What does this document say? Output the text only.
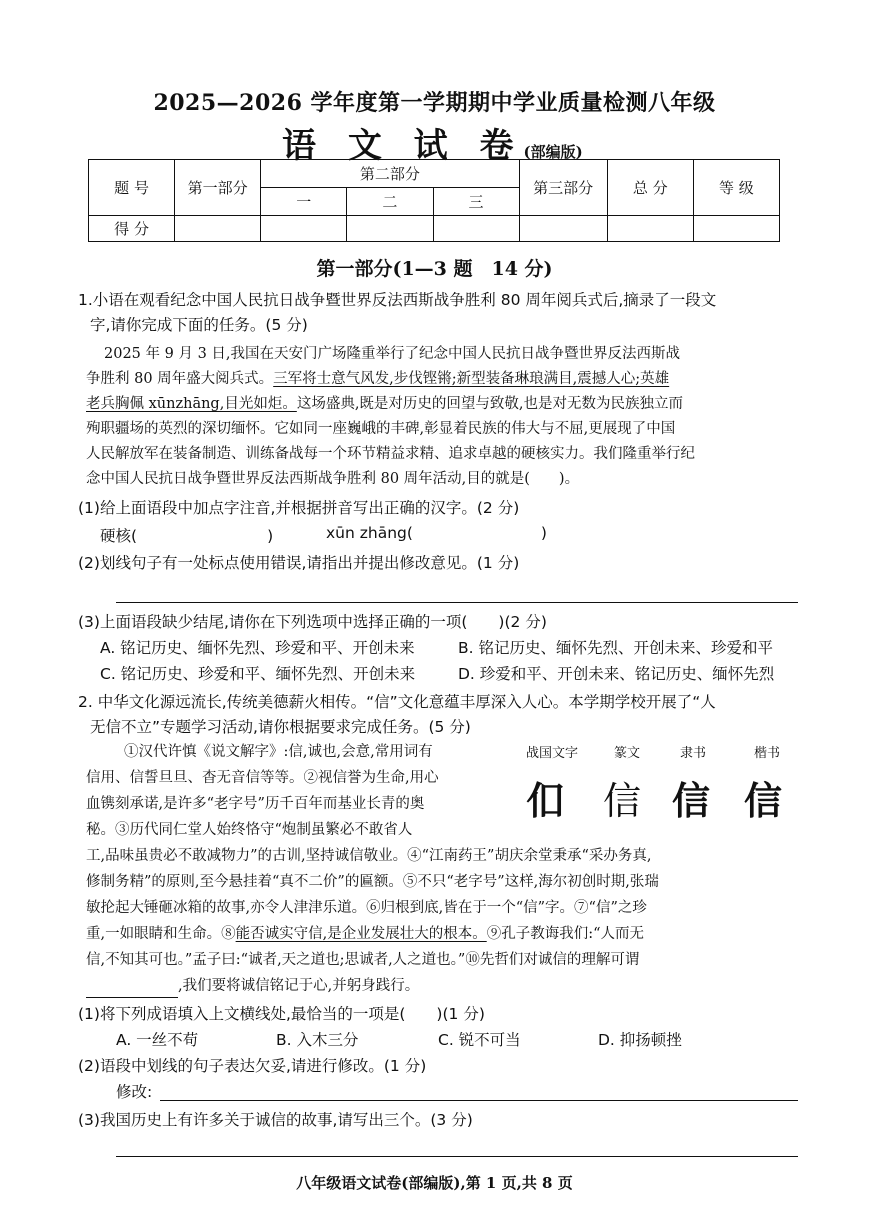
2025—2026 学年度第一学期期中学业质量检测八年级
语 文 试 卷(部编版)
题 号	第一部分	第二部分			第三部分	总 分	等 级
		一	二	三			
得 分							
第一部分(1—3 题　14 分)
1.小语在观看纪念中国人民抗日战争暨世界反法西斯战争胜利 80 周年阅兵式后,摘录了一段文
字,请你完成下面的任务。(5 分)
2025 年 9 月 3 日,我国在天安门广场隆重举行了纪念中国人民抗日战争暨世界反法西斯战
争胜利 80 周年盛大阅兵式。三军将士意气风发,步伐铿锵;新型装备琳琅满目,震撼人心;英雄
老兵胸佩 xūnzhāng,目光如炬。这场盛典,既是对历史的回望与致敬,也是对无数为民族独立而
殉职疆场的英烈的深切缅怀。它如同一座巍峨的丰碑,彰显着民族的伟大与不屈,更展现了中国
人民解放军在装备制造、训练备战每一个环节精益求精、追求卓越的硬核实力。我们隆重举行纪
念中国人民抗日战争暨世界反法西斯战争胜利 80 周年活动,目的就是(　　)。
(1)给上面语段中加点字注音,并根据拼音写出正确的汉字。(2 分)
硬核(	)	xūn zhāng(	)
(2)划线句子有一处标点使用错误,请指出并提出修改意见。(1 分)
(3)上面语段缺少结尾,请你在下列选项中选择正确的一项(　　)(2 分)
A. 铭记历史、缅怀先烈、珍爱和平、开创未来	B. 铭记历史、缅怀先烈、开创未来、珍爱和平
C. 铭记历史、珍爱和平、缅怀先烈、开创未来	D. 珍爱和平、开创未来、铭记历史、缅怀先烈
2. 中华文化源远流长,传统美德薪火相传。“信”文化意蕴丰厚深入人心。本学期学校开展了“人
无信不立”专题学习活动,请你根据要求完成任务。(5 分)
①汉代许慎《说文解字》:信,诚也,会意,常用词有
信用、信誓旦旦、杳无音信等等。②视信誉为生命,用心
血镌刻承诺,是许多“老字号”历千百年而基业长青的奥
秘。③历代同仁堂人始终恪守“炮制虽繁必不敢省人
战国文字	篆文	隶书	楷书
㐰 信 信 信
工,品味虽贵必不敢减物力”的古训,坚持诚信敬业。④“江南药王”胡庆余堂秉承“采办务真,
修制务精”的原则,至今悬挂着“真不二价”的匾额。⑤不只“老字号”这样,海尔初创时期,张瑞
敏抡起大锤砸冰箱的故事,亦令人津津乐道。⑥归根到底,皆在于一个“信”字。⑦“信”之珍
重,一如眼睛和生命。⑧能否诚实守信,是企业发展壮大的根本。⑨孔子教诲我们:“人而无
信,不知其可也。”孟子曰:“诚者,天之道也;思诚者,人之道也。”⑩先哲们对诚信的理解可谓
,我们要将诚信铭记于心,并躬身践行。
(1)将下列成语填入上文横线处,最恰当的一项是(　　)(1 分)
A. 一丝不苟	B. 入木三分	C. 锐不可当	D. 抑扬顿挫
(2)语段中划线的句子表达欠妥,请进行修改。(1 分)
修改:
(3)我国历史上有许多关于诚信的故事,请写出三个。(3 分)
八年级语文试卷(部编版),第 1 页,共 8 页
